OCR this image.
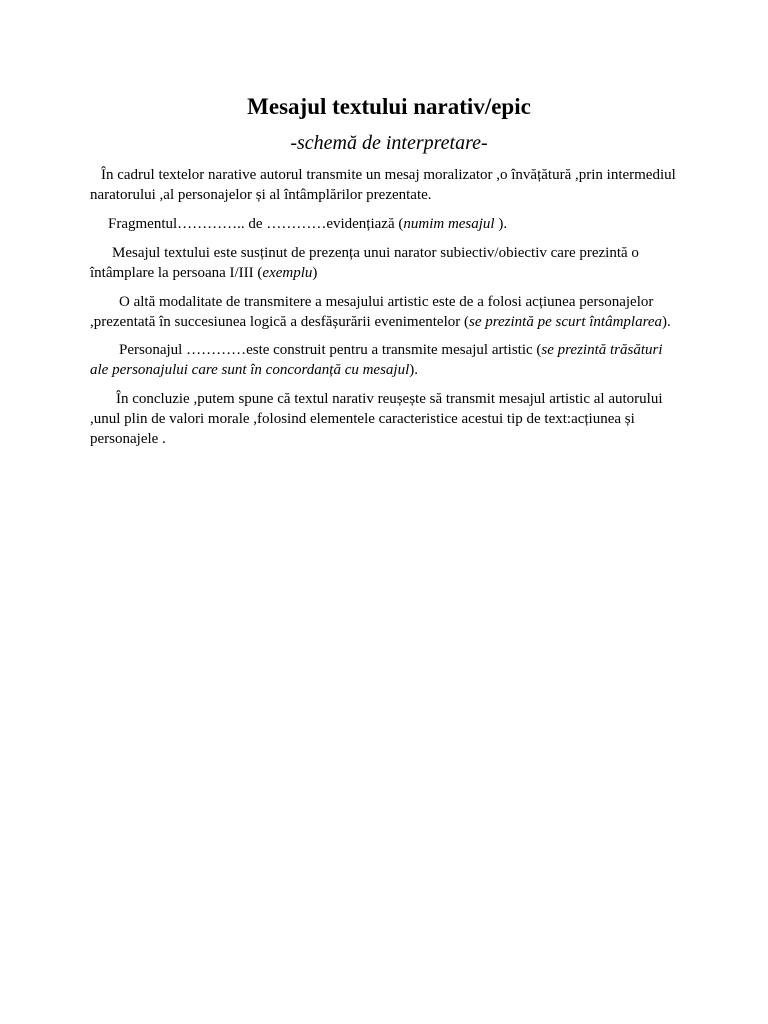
Mesajul textului narativ/epic

-schemă de interpretare-

În cadrul textelor narative autorul transmite un mesaj moralizator ,o învățătură ,prin intermediul naratorului ,al personajelor și al întâmplărilor prezentate.

Fragmentul………….. de …………evidențiază (numim mesajul ).

Mesajul textului este susținut de prezența unui narator subiectiv/obiectiv care prezintă o întâmplare la persoana I/III (exemplu)

O altă modalitate de transmitere a mesajului artistic este de a folosi acțiunea personajelor ,prezentată în succesiunea logică a desfășurării evenimentelor (se prezintă pe scurt întâmplarea).

Personajul …………este construit pentru a transmite mesajul artistic (se prezintă trăsături ale personajului care sunt în concordanță cu mesajul).

În concluzie ,putem spune că textul narativ reușește să transmit mesajul artistic al autorului ,unul plin de valori morale ,folosind elementele caracteristice acestui tip de text:acțiunea și personajele .
